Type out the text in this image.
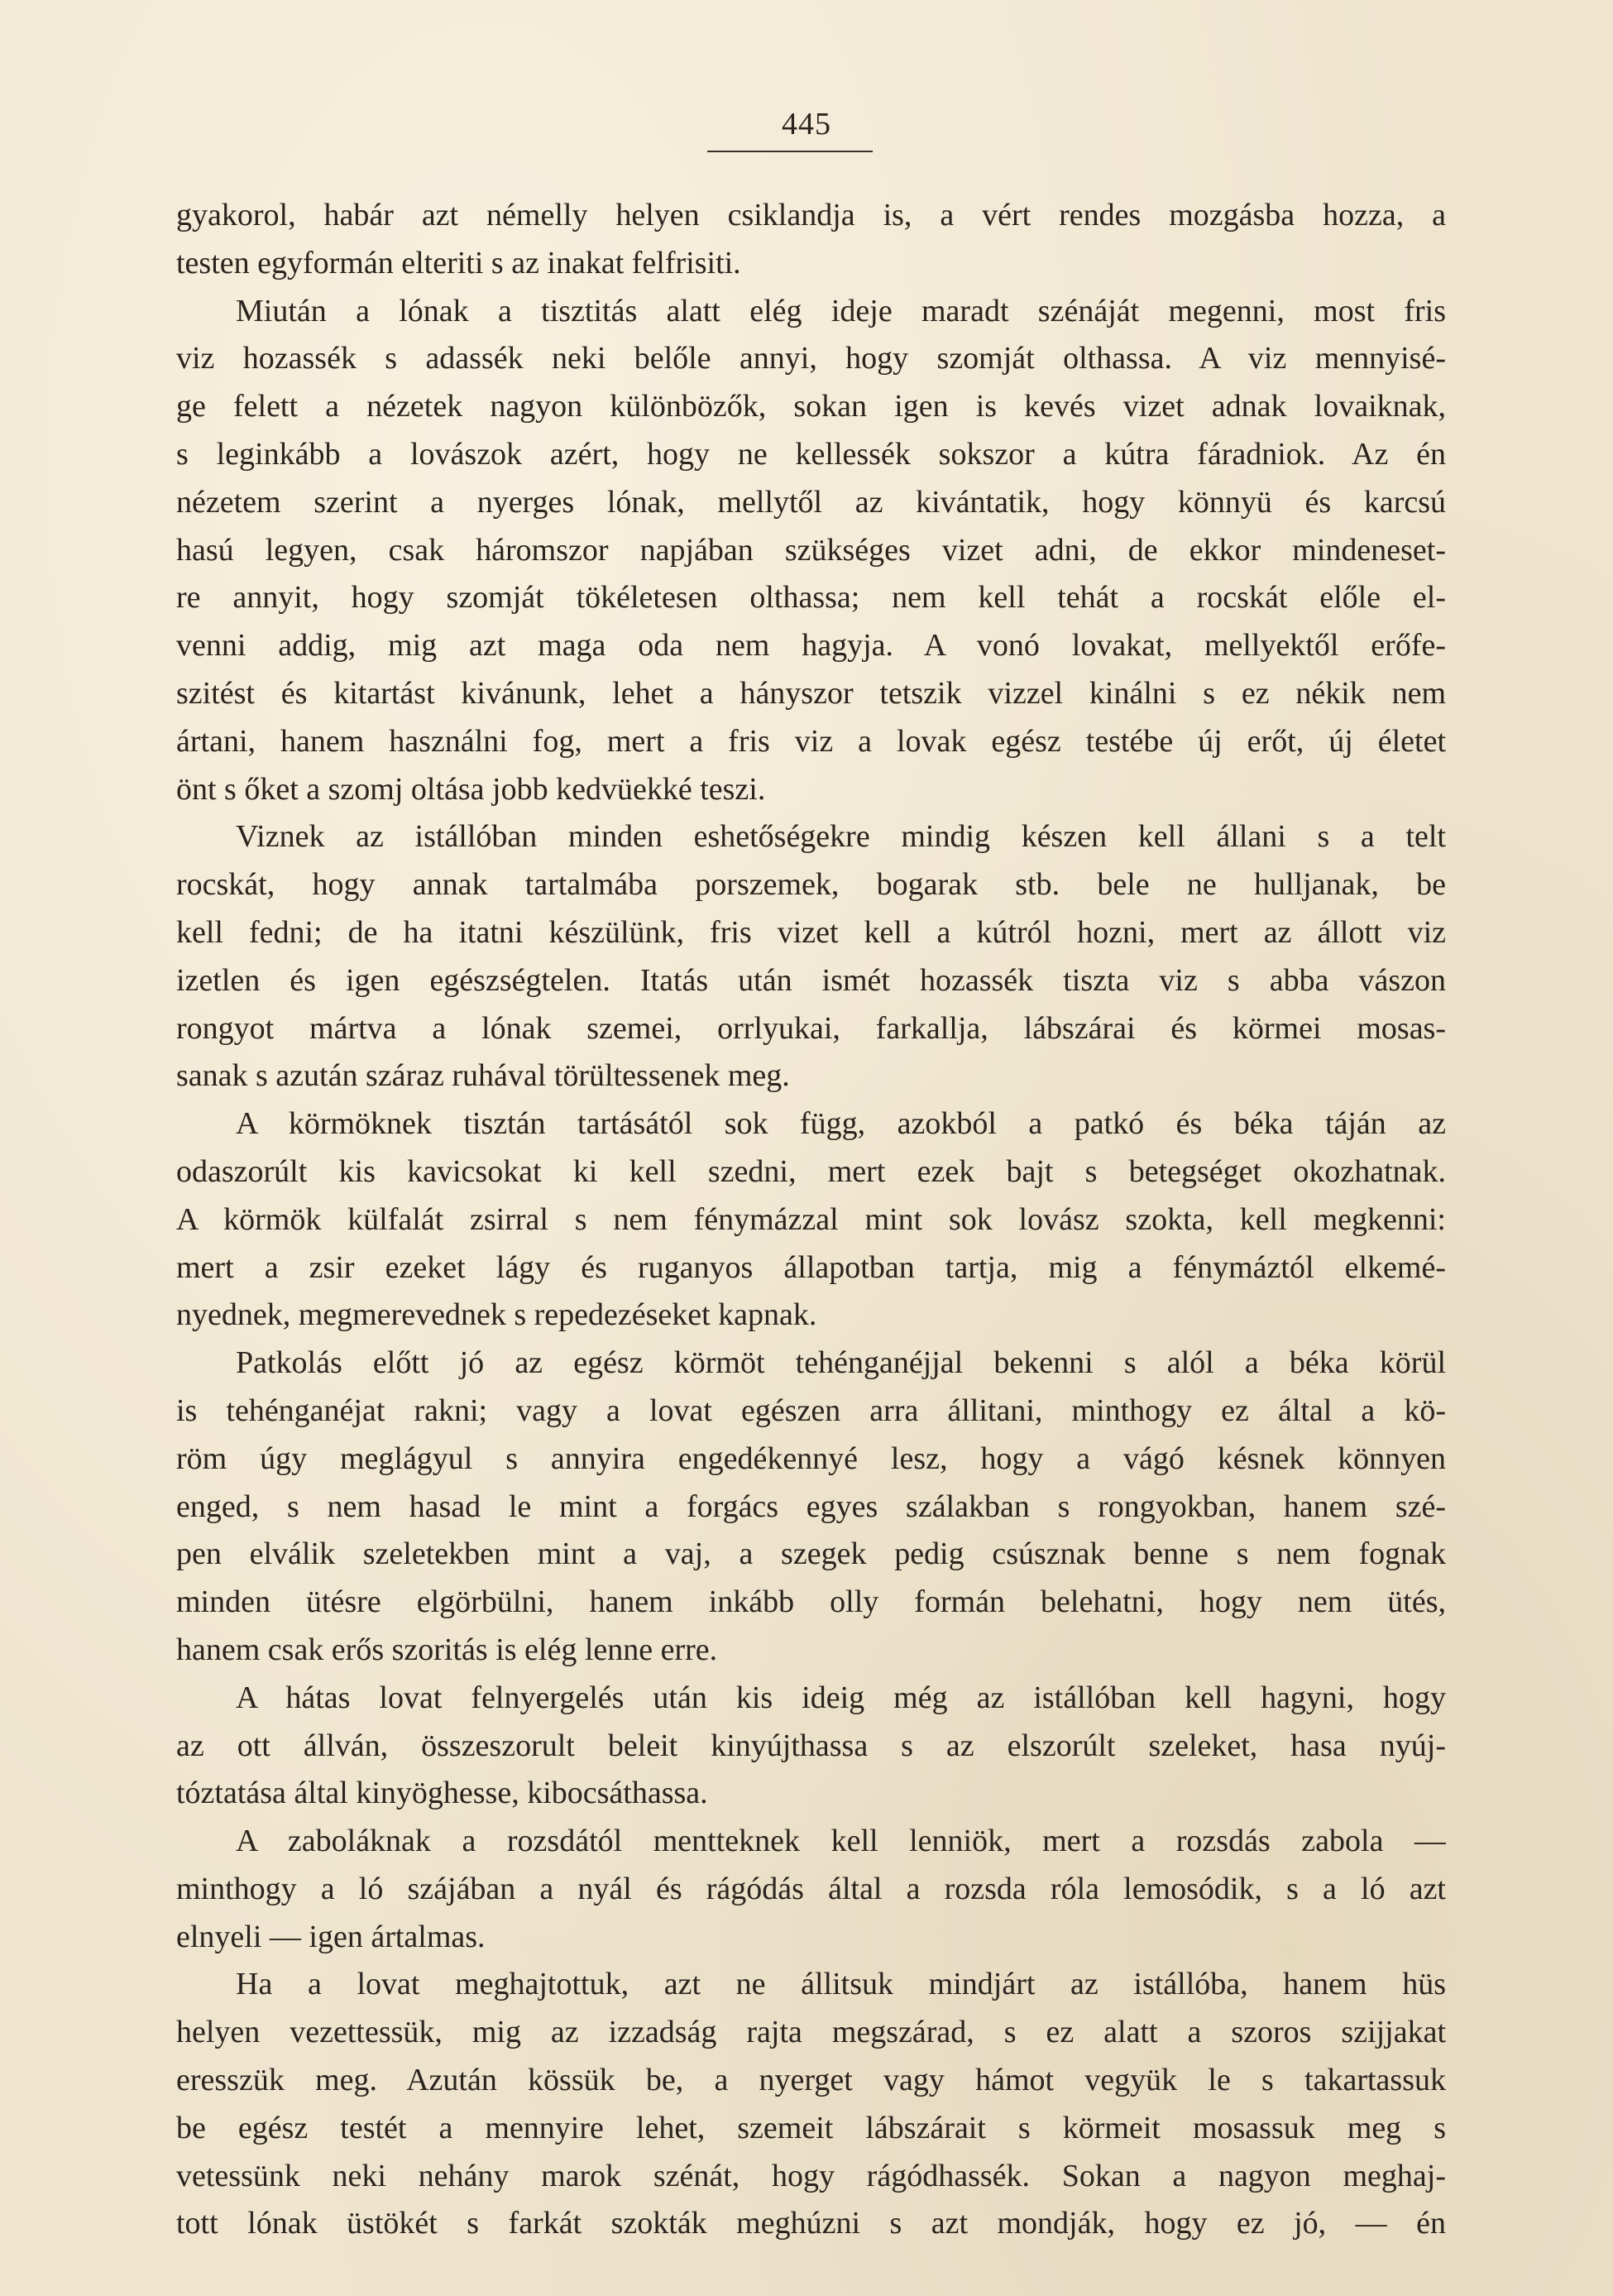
445
gyakorol, habár azt némelly helyen csiklandja is, a vért rendes mozgásba hozza, a
testen egyformán elteriti s az inakat felfrisiti.
Miután a lónak a tisztitás alatt elég ideje maradt szénáját megenni, most fris
viz hozassék s adassék neki belőle annyi, hogy szomját olthassa. A viz mennyisé-
ge felett a nézetek nagyon különbözők, sokan igen is kevés vizet adnak lovaiknak,
s leginkább a lovászok azért, hogy ne kellessék sokszor a kútra fáradniok. Az én
nézetem szerint a nyerges lónak, mellytől az kivántatik, hogy könnyü és karcsú
hasú legyen, csak háromszor napjában szükséges vizet adni, de ekkor mindeneset-
re annyit, hogy szomját tökéletesen olthassa; nem kell tehát a rocskát előle el-
venni addig, mig azt maga oda nem hagyja. A vonó lovakat, mellyektől erőfe-
szitést és kitartást kivánunk, lehet a hányszor tetszik vizzel kinálni s ez nékik nem
ártani, hanem használni fog, mert a fris viz a lovak egész testébe új erőt, új életet
önt s őket a szomj oltása jobb kedvüekké teszi.
Viznek az istállóban minden eshetőségekre mindig készen kell állani s a telt
rocskát, hogy annak tartalmába porszemek, bogarak stb. bele ne hulljanak, be
kell fedni; de ha itatni készülünk, fris vizet kell a kútról hozni, mert az állott viz
izetlen és igen egészségtelen. Itatás után ismét hozassék tiszta viz s abba vászon
rongyot mártva a lónak szemei, orrlyukai, farkallja, lábszárai és körmei mosas-
sanak s azután száraz ruhával törültessenek meg.
A körmöknek tisztán tartásától sok függ, azokból a patkó és béka táján az
odaszorúlt kis kavicsokat ki kell szedni, mert ezek bajt s betegséget okozhatnak.
A körmök külfalát zsirral s nem fénymázzal mint sok lovász szokta, kell megkenni:
mert a zsir ezeket lágy és ruganyos állapotban tartja, mig a fénymáztól elkemé-
nyednek, megmerevednek s repedezéseket kapnak.
Patkolás előtt jó az egész körmöt tehénganéjjal bekenni s alól a béka körül
is tehénganéjat rakni; vagy a lovat egészen arra állitani, minthogy ez által a kö-
röm úgy meglágyul s annyira engedékennyé lesz, hogy a vágó késnek könnyen
enged, s nem hasad le mint a forgács egyes szálakban s rongyokban, hanem szé-
pen elválik szeletekben mint a vaj, a szegek pedig csúsznak benne s nem fognak
minden ütésre elgörbülni, hanem inkább olly formán belehatni, hogy nem ütés,
hanem csak erős szoritás is elég lenne erre.
A hátas lovat felnyergelés után kis ideig még az istállóban kell hagyni, hogy
az ott állván, összeszorult beleit kinyújthassa s az elszorúlt szeleket, hasa nyúj-
tóztatása által kinyöghesse, kibocsáthassa.
A zaboláknak a rozsdától mentteknek kell lenniök, mert a rozsdás zabola —
minthogy a ló szájában a nyál és rágódás által a rozsda róla lemosódik, s a ló azt
elnyeli — igen ártalmas.
Ha a lovat meghajtottuk, azt ne állitsuk mindjárt az istállóba, hanem hüs
helyen vezettessük, mig az izzadság rajta megszárad, s ez alatt a szoros szijjakat
eresszük meg. Azután kössük be, a nyerget vagy hámot vegyük le s takartassuk
be egész testét a mennyire lehet, szemeit lábszárait s körmeit mosassuk meg s
vetessünk neki nehány marok szénát, hogy rágódhassék. Sokan a nagyon meghaj-
tott lónak üstökét s farkát szokták meghúzni s azt mondják, hogy ez jó, — én
